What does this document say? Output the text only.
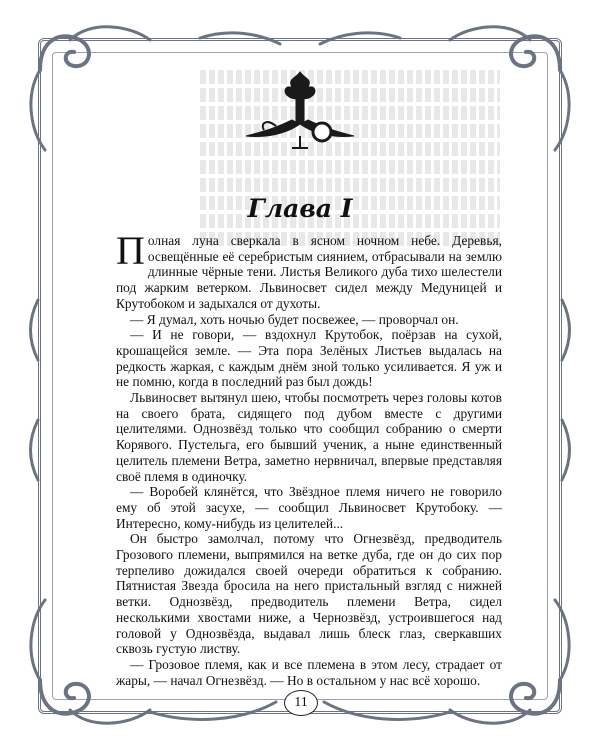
Глава I

Полная луна сверкала в ясном ночном небе. Деревья, освещённые её серебристым сиянием, отбрасывали на землю длинные чёрные тени. Листья Великого дуба тихо шелестели под жарким ветерком. Львиносвет сидел между Медуницей и Крутобоком и задыхался от духоты.

— Я думал, хоть ночью будет посвежее, — проворчал он.

— И не говори, — вздохнул Крутобок, поёрзав на сухой, крошащейся земле. — Эта пора Зелёных Листьев выдалась на редкость жаркая, с каждым днём зной только усиливается. Я уж и не помню, когда в последний раз был дождь!

Львиносвет вытянул шею, чтобы посмотреть через головы котов на своего брата, сидящего под дубом вместе с другими целителями. Однозвёзд только что сообщил собранию о смерти Корявого. Пустельга, его бывший ученик, а ныне единственный целитель племени Ветра, заметно нервничал, впервые представляя своё племя в одиночку.

— Воробей клянётся, что Звёздное племя ничего не говорило ему об этой засухе, — сообщил Львиносвет Крутобоку. — Интересно, кому-нибудь из целителей...

Он быстро замолчал, потому что Огнезвёзд, предводитель Грозового племени, выпрямился на ветке дуба, где он до сих пор терпеливо дожидался своей очереди обратиться к собранию. Пятнистая Звезда бросила на него пристальный взгляд с нижней ветки. Однозвёзд, предводитель племени Ветра, сидел несколькими хвостами ниже, а Чернозвёзд, устроившегося над головой у Однозвёзда, выдавал лишь блеск глаз, сверкавших сквозь густую листву.

— Грозовое племя, как и все племена в этом лесу, страдает от жары, — начал Огнезвёзд. — Но в остальном у нас всё хорошо.

11
